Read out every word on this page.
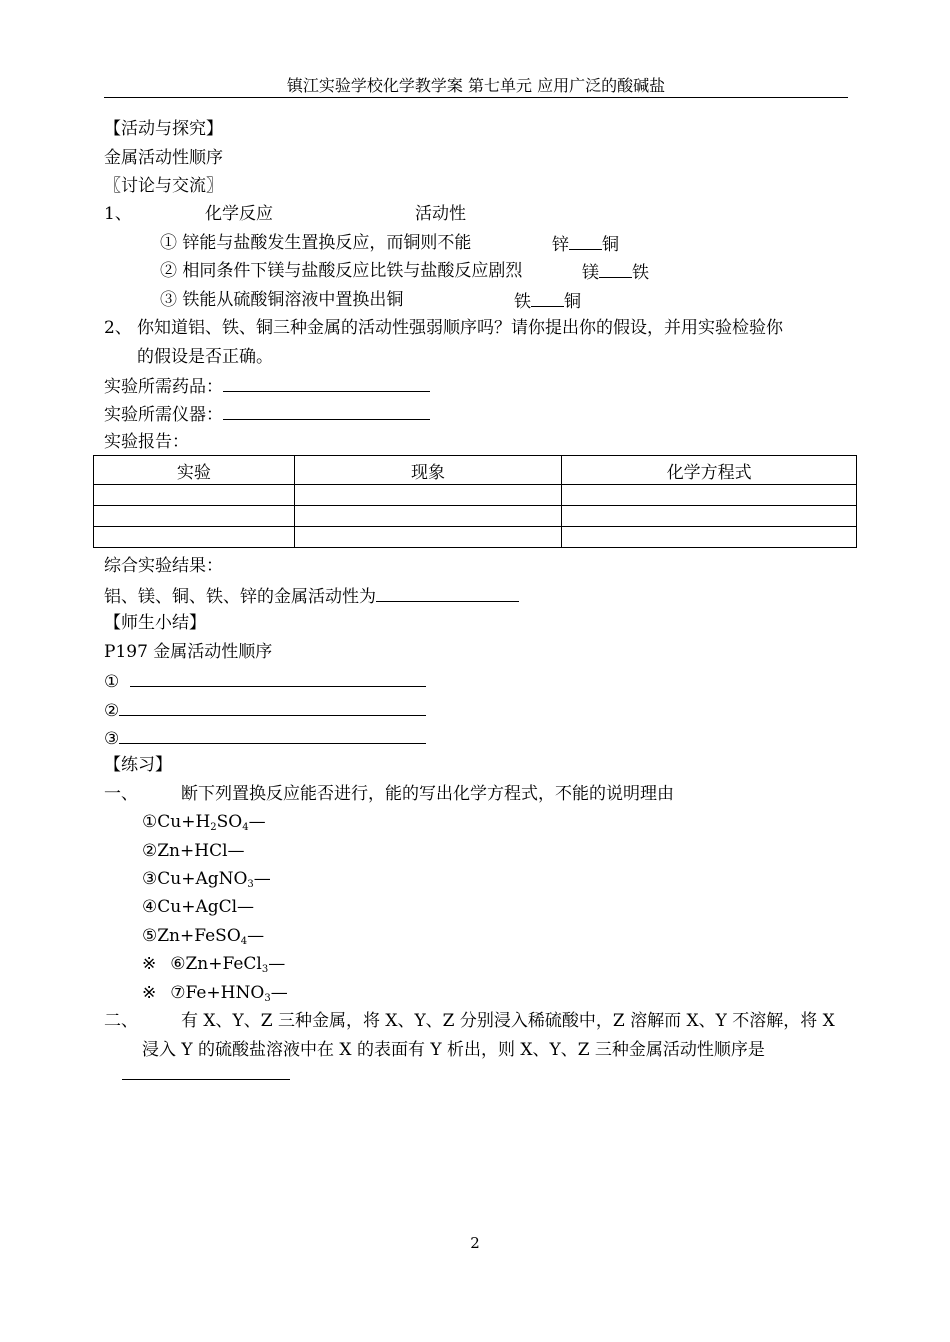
镇江实验学校化学教学案 第七单元 应用广泛的酸碱盐
【活动与探究】
金属活动性顺序
〖讨论与交流〗
1、	化学反应	活动性
① 锌能与盐酸发生置换反应，而铜则不能	锌 铜
② 相同条件下镁与盐酸反应比铁与盐酸反应剧烈	镁 铁
③ 铁能从硫酸铜溶液中置换出铜	铁 铜
2、 你知道铝、铁、铜三种金属的活动性强弱顺序吗？请你提出你的假设，并用实验检验你
的假设是否正确。
实验所需药品：
实验所需仪器：
实验报告：
实验	现象	化学方程式

综合实验结果：
铝、镁、铜、铁、锌的金属活动性为
【师生小结】
P197 金属活动性顺序
①
②
③
【练习】
一、	断下列置换反应能否进行，能的写出化学方程式，不能的说明理由
$①Cu+H_2SO_4—$
②Zn+HCl—
③Cu+AgNO$_3$—
④Cu+AgCl—
⑤Zn+FeSO$_4$—
※ ⑥Zn+FeCl$_3$—
※ $⑦Fe+HNO_3—$
二、	有 X、Y、Z 三种金属，将 X、Y、Z 分别浸入稀硫酸中，Z 溶解而 X、Y 不溶解，将 X
浸入 Y 的硫酸盐溶液中在 X 的表面有 Y 析出，则 X、Y、Z 三种金属活动性顺序是
2
